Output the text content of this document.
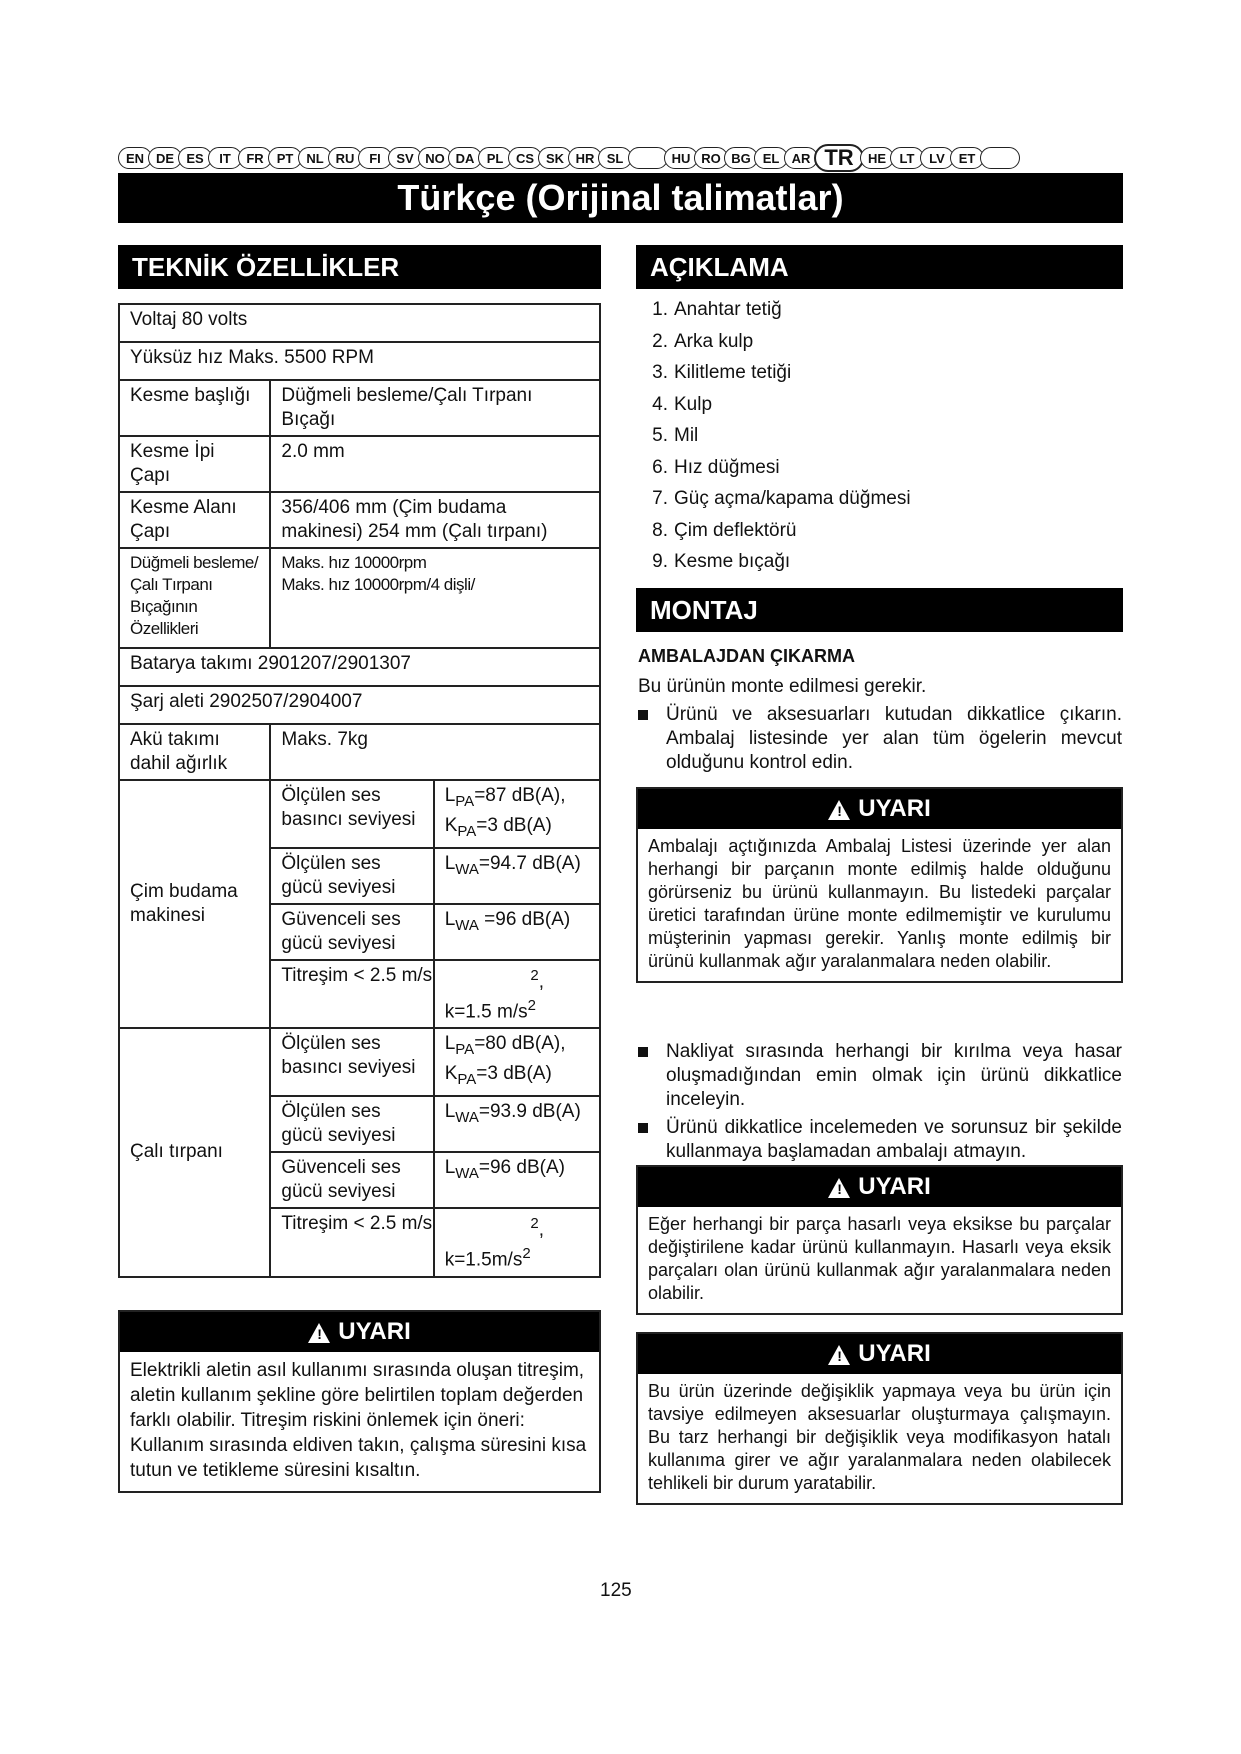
EN DE ES	IT	FR	PT	NL RU	FI	SV NO DA PL CS SK HR SL	HU RO BG EL AR TR	HE	LT	LV	ET
Türkçe (Orijinal talimatlar)
TEKNİK ÖZELLİKLER
Voltaj 80 volts		
Yüksüz hız Maks. 5500 RPM		
Kesme başlığı	Düğmeli besleme/Çalı Tırpanı Bıçağı	
Kesme İpi Çapı	2.0 mm	
Kesme Alanı Çapı	356/406 mm (Çim budama makinesi) 254 mm (Çalı tırpanı)	
Düğmeli besleme/Çalı Tırpanı Bıçağının Özellikleri	Maks. hız 10000rpm
Maks. hız 10000rpm/4 dişli/	

Batarya takımı 2901207/2901307		
Şarj aleti 2902507/2904007		
Akü takımı dahil ağırlık	Maks. 7kg	
Çim budama makinesi	Ölçülen ses basıncı seviyesi	$L_{PA}=87$ dB(A),
$K_{PA}=3$ dB(A)

	Ölçülen ses gücü seviyesi	$L_{WA}=94.7$ dB(A)
	Güvenceli ses gücü seviyesi	$L_{WA} =96$ dB(A)
	Titreşim < 2.5 m/s	$^2$,
k=1.5 $m/s^2$

Çalı tırpanı	Ölçülen ses basıncı seviyesi	$L_{PA}=80$ dB(A),
$K_{PA}=3$ dB(A)

	Ölçülen ses gücü seviyesi	$L_{WA}=93.9$ dB(A)
	Güvenceli ses gücü seviyesi	$L_{WA}=96$ dB(A)
	Titreşim < 2.5 m/s	$^2$,
$k=1.5m/s^2$
! UYARI
Elektrikli aletin asıl kullanımı sırasında oluşan titreşim, aletin kullanım şekline göre belirtilen toplam değerden farklı olabilir. Titreşim riskini önlemek için öneri: Kullanım sırasında eldiven takın, çalışma süresini kısa tutun ve tetikleme süresini kısaltın.
AÇIKLAMA
1. Anahtar tetiğ
2. Arka kulp
3. Kilitleme tetiği
4. Kulp
5. Mil
6. Hız düğmesi
7. Güç açma/kapama düğmesi
8. Çim deflektörü
9. Kesme bıçağı
MONTAJ
AMBALAJDAN ÇIKARMA
Bu ürünün monte edilmesi gerekir.
Ürünü ve aksesuarları kutudan dikkatlice çıkarın. Ambalaj listesinde yer alan tüm ögelerin mevcut olduğunu kontrol edin.
! UYARI
Ambalajı açtığınızda Ambalaj Listesi üzerinde yer alan herhangi bir parçanın monte edilmiş halde olduğunu görürseniz bu ürünü kullanmayın. Bu listedeki parçalar üretici tarafından ürüne monte edilmemiştir ve kurulumu müşterinin yapması gerekir. Yanlış monte edilmiş bir ürünü kullanmak ağır yaralanmalara neden olabilir.
Nakliyat sırasında herhangi bir kırılma veya hasar oluşmadığından emin olmak için ürünü dikkatlice inceleyin.
Ürünü dikkatlice incelemeden ve sorunsuz bir şekilde kullanmaya başlamadan ambalajı atmayın.
! UYARI
Eğer herhangi bir parça hasarlı veya eksikse bu parçalar değiştirilene kadar ürünü kullanmayın. Hasarlı veya eksik parçaları olan ürünü kullanmak ağır yaralanmalara neden olabilir.
! UYARI
Bu ürün üzerinde değişiklik yapmaya veya bu ürün için tavsiye edilmeyen aksesuarlar oluşturmaya çalışmayın. Bu tarz herhangi bir değişiklik veya modifikasyon hatalı kullanıma girer ve ağır yaralanmalara neden olabilecek tehlikeli bir durum yaratabilir.
125
